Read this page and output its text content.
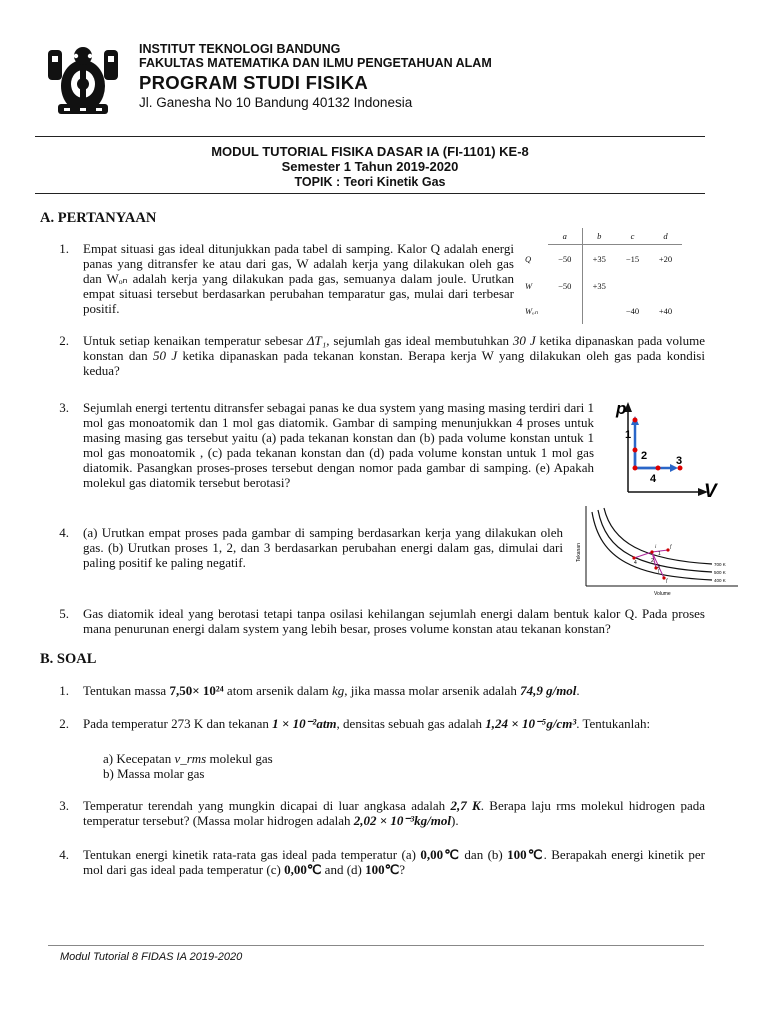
INSTITUT TEKNOLOGI BANDUNG
FAKULTAS MATEMATIKA DAN ILMU PENGETAHUAN ALAM
PROGRAM STUDI FISIKA
Jl. Ganesha No 10 Bandung 40132 Indonesia
MODUL TUTORIAL FISIKA DASAR IA (FI-1101) KE-8
Semester 1 Tahun 2019-2020
TOPIK : Teori Kinetik Gas
A. PERTANYAAN
1. Empat situasi gas ideal ditunjukkan pada tabel di samping. Kalor Q adalah energi panas yang ditransfer ke atau dari gas, W adalah kerja yang dilakukan oleh gas dan Wₒₙ adalah kerja yang dilakukan pada gas, semuanya dalam joule. Urutkan empat situasi tersebut berdasarkan perubahan temparatur gas, mulai dari terbesar positif.
	a	b	c	d
Q	−50	+35	−15	+20
W	−50	+35		
Wₒₙ			−40	+40
2. Untuk setiap kenaikan temperatur sebesar ΔT₁, sejumlah gas ideal membutuhkan 30 J ketika dipanaskan pada volume konstan dan 50 J ketika dipanaskan pada tekanan konstan. Berapa kerja W yang dilakukan oleh gas pada kondisi kedua?
3. Sejumlah energi tertentu ditransfer sebagai panas ke dua system yang masing masing terdiri dari 1 mol gas monoatomik dan 1 mol gas diatomik. Gambar di samping menunjukkan 4 proses untuk masing masing gas tersebut yaitu (a) pada tekanan konstan dan (b) pada volume konstan untuk 1 mol gas monoatomik , (c) pada tekanan konstan dan (d) pada volume konstan untuk 1 mol gas diatomik. Pasangkan proses-proses tersebut dengan nomor pada gambar di samping. (e) Apakah molekul gas diatomik tersebut berotasi?
p
V
1
2	3
4
4. (a) Urutkan empat proses pada gambar di samping berdasarkan kerja yang dilakukan oleh gas. (b) Urutkan proses 1, 2, dan 3 berdasarkan perubahan energi dalam gas, dimulai dari paling positif ke paling negatif.
Tekanan
Volume
700 K
500 K
400 K
i	f
f
f
1
2
3
4
5. Gas diatomik ideal yang berotasi tetapi tanpa osilasi kehilangan sejumlah energi dalam bentuk kalor Q. Pada proses mana penurunan energi dalam system yang lebih besar, proses volume konstan atau tekanan konstan?
B. SOAL
1. Tentukan massa 7,50× 10²⁴ atom arsenik dalam kg, jika massa molar arsenik adalah 74,9 g/mol.
2. Pada temperatur 273 K dan tekanan 1 × 10⁻²atm, densitas sebuah gas adalah 1,24 × 10⁻⁵g/cm³. Tentukanlah:
a) Kecepatan v_rms molekul gas
b) Massa molar gas
3. Temperatur terendah yang mungkin dicapai di luar angkasa adalah 2,7 K. Berapa laju rms molekul hidrogen pada temperatur tersebut? (Massa molar hidrogen adalah 2,02 × 10⁻³kg/mol).
4. Tentukan energi kinetik rata-rata gas ideal pada temperatur (a) 0,00℃ dan (b) 100℃. Berapakah energi kinetik per mol dari gas ideal pada temperatur (c) 0,00℃ and (d) 100℃?
Modul Tutorial 8 FIDAS IA 2019-2020
